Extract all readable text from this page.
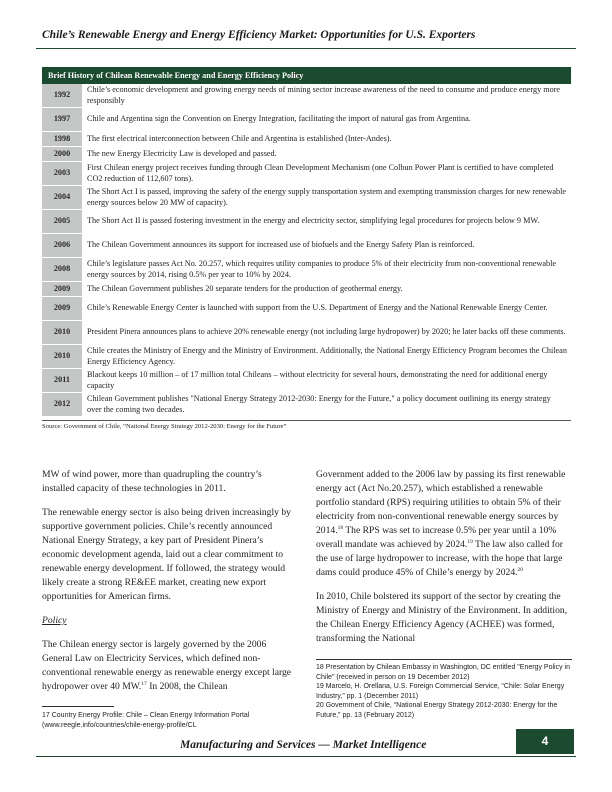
Chile’s Renewable Energy and Energy Efficiency Market: Opportunities for U.S. Exporters
Brief History of Chilean Renewable Energy and Energy Efficiency Policy
1992	Chile’s economic development and growing energy needs of mining sector increase awareness of the need to consume and produce energy more responsibly
1997	Chile and Argentina sign the Convention on Energy Integration, facilitating the import of natural gas from Argentina.
1998	The first electrical interconnection between Chile and Argentina is established (Inter-Andes).
2000	The new Energy Electricity Law is developed and passed.
2003	First Chilean energy project receives funding through Clean Development Mechanism (one Colbun Power Plant is certified to have completed CO2 reduction of 112,607 tons).
2004	The Short Act I is passed, improving the safety of the energy supply transportation system and exempting transmission charges for new renewable energy sources below 20 MW of capacity).
2005	The Short Act II is passed fostering investment in the energy and electricity sector, simplifying legal procedures for projects below 9 MW.
2006	The Chilean Government announces its support for increased use of biofuels and the Energy Safety Plan is reinforced.
2008	Chile’s legislature passes Act No. 20.257, which requires utility companies to produce 5% of their electricity from non-conventional renewable energy sources by 2014, rising 0.5% per year to 10% by 2024.
2009	The Chilean Government publishes 20 separate tenders for the production of geothermal energy.
2009	Chile’s Renewable Energy Center is launched with support from the U.S. Department of Energy and the National Renewable Energy Center.
2010	President Pinera announces plans to achieve 20% renewable energy (not including large hydropower) by 2020; he later backs off these comments.
2010	Chile creates the Ministry of Energy and the Ministry of Environment. Additionally, the National Energy Efficiency Program becomes the Chilean Energy Efficiency Agency.
2011	Blackout keeps 10 million – of 17 million total Chileans – without electricity for several hours, demonstrating the need for additional energy capacity
2012	Chilean Government publishes "National Energy Strategy 2012-2030: Energy for the Future," a policy document outlining its energy strategy over the coming two decades.
Source: Government of Chile, “National Energy Strategy 2012-2030: Energy for the Future”

MW of wind power, more than quadrupling the country’s installed capacity of these technologies in 2011.

The renewable energy sector is also being driven increasingly by supportive government policies. Chile’s recently announced National Energy Strategy, a key part of President Pinera’s economic development agenda, laid out a clear commitment to renewable energy development. If followed, the strategy would likely create a strong RE&EE market, creating new export opportunities for American firms.

Policy

The Chilean energy sector is largely governed by the 2006 General Law on Electricity Services, which defined non-conventional renewable energy as renewable energy except large hydropower over 40 MW.$^{17}$ In 2008, the Chilean

17 Country Energy Profile: Chile – Clean Energy Information Portal (www.reegle.info/countries/chile-energy-profile/CL

Government added to the 2006 law by passing its first renewable energy act (Act No.20.257), which established a renewable portfolio standard (RPS) requiring utilities to obtain 5% of their electricity from non-conventional renewable energy sources by 2014.18 The RPS was set to increase 0.5% per year until a 10% overall mandate was achieved by 2024.19 The law also called for the use of large hydropower to increase, with the hope that large dams could produce 45% of Chile’s energy by 2024.20

In 2010, Chile bolstered its support of the sector by creating the Ministry of Energy and Ministry of the Environment. In addition, the Chilean Energy Efficiency Agency (ACHEE) was formed, transforming the National

18 Presentation by Chilean Embassy in Washington, DC entitled "Energy Policy in Chile" (received in person on 19 December 2012)
19 Marcelo, H. Orellana, U.S. Foreign Commercial Service, “Chile: Solar Energy Industry,” pp. 1 (December 2011)
20 Government of Chile, “National Energy Strategy 2012-2030: Energy for the Future,” pp. 13 (February 2012)
Manufacturing and Services — Market Intelligence	4
